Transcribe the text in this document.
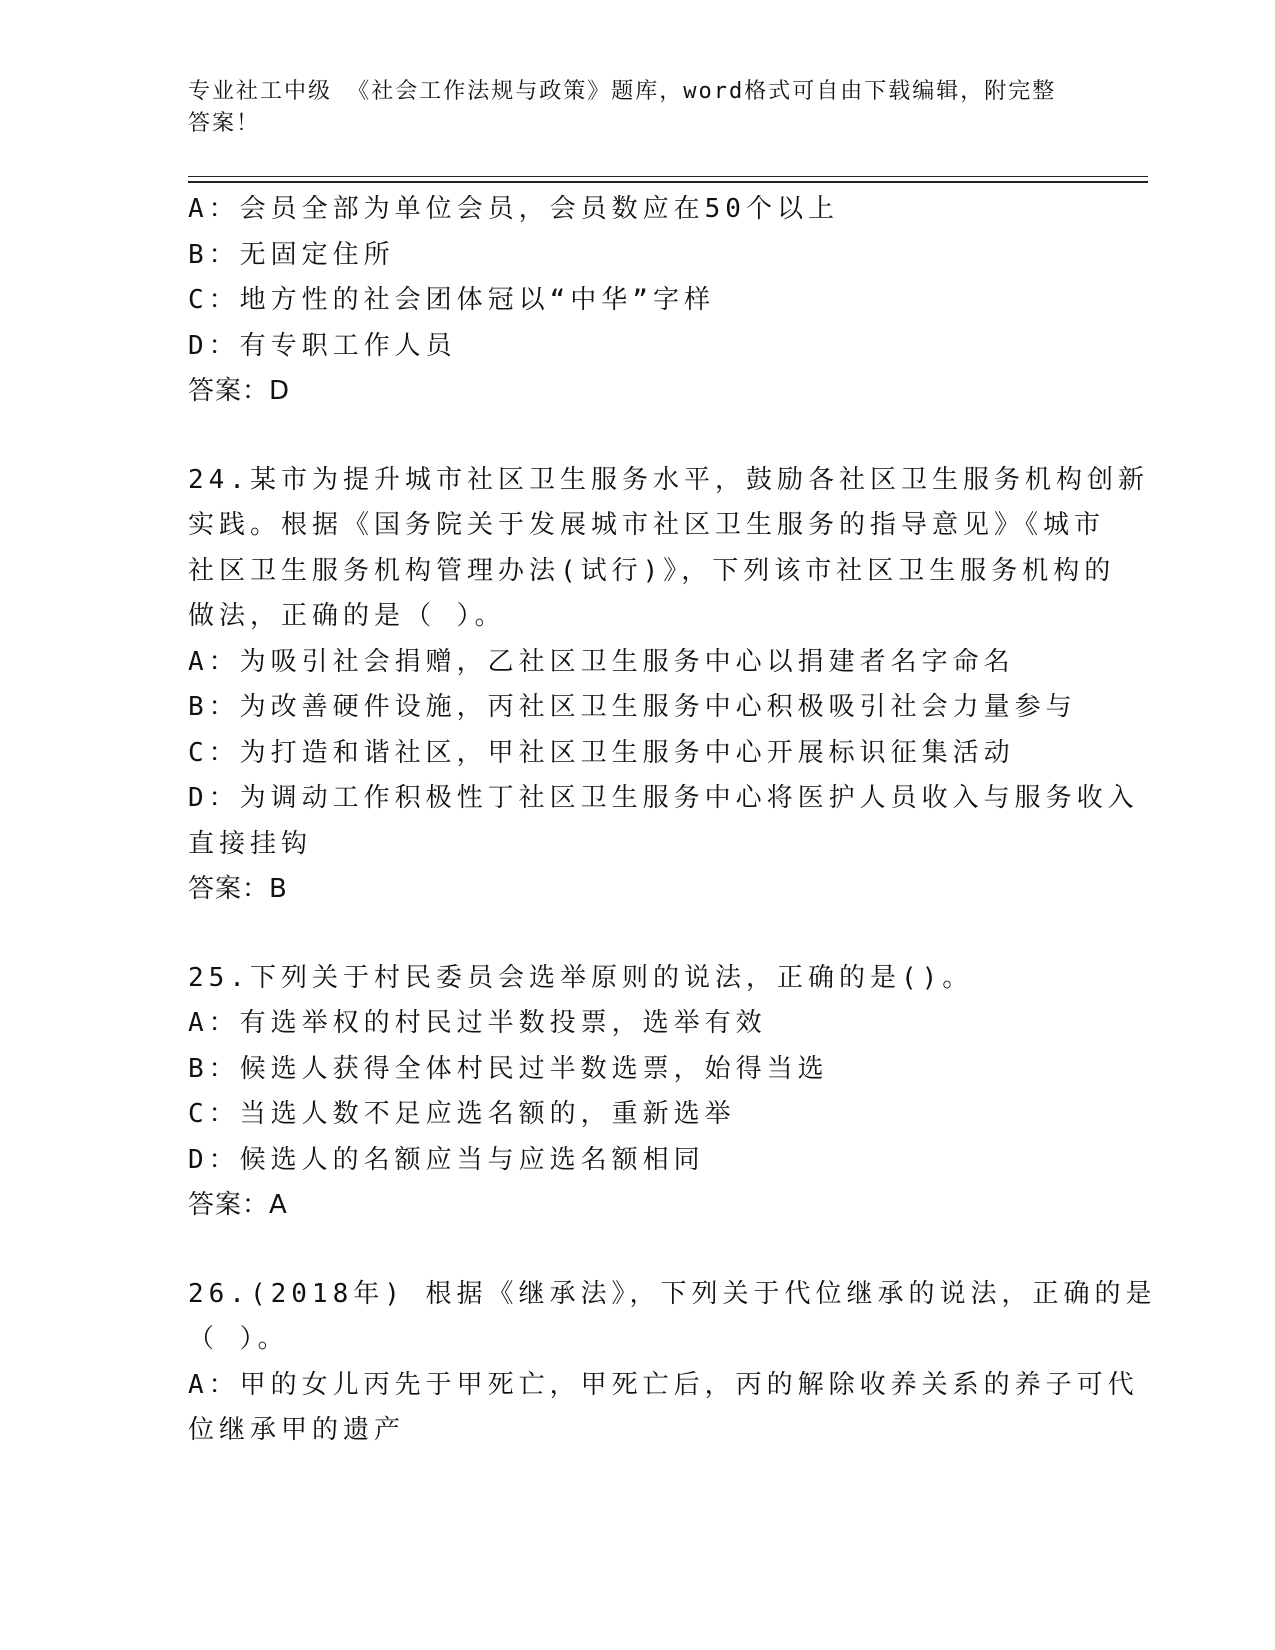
专业社工中级 《社会工作法规与政策》题库，word格式可自由下载编辑，附完整
答案！
A：会员全部为单位会员，会员数应在50个以上
B：无固定住所
C：地方性的社会团体冠以“中华”字样
D：有专职工作人员
答案：D
24.某市为提升城市社区卫生服务水平，鼓励各社区卫生服务机构创新
实践。根据《国务院关于发展城市社区卫生服务的指导意见》《城市
社区卫生服务机构管理办法(试行)》，下列该市社区卫生服务机构的
做法，正确的是（ ）。
A：为吸引社会捐赠，乙社区卫生服务中心以捐建者名字命名
B：为改善硬件设施，丙社区卫生服务中心积极吸引社会力量参与
C：为打造和谐社区，甲社区卫生服务中心开展标识征集活动
D：为调动工作积极性丁社区卫生服务中心将医护人员收入与服务收入
直接挂钩
答案：B
25.下列关于村民委员会选举原则的说法，正确的是()。
A：有选举权的村民过半数投票，选举有效
B：候选人获得全体村民过半数选票，始得当选
C：当选人数不足应选名额的，重新选举
D：候选人的名额应当与应选名额相同
答案：A
26.(2018年) 根据《继承法》，下列关于代位继承的说法，正确的是
（ ）。
A：甲的女儿丙先于甲死亡，甲死亡后，丙的解除收养关系的养子可代
位继承甲的遗产
